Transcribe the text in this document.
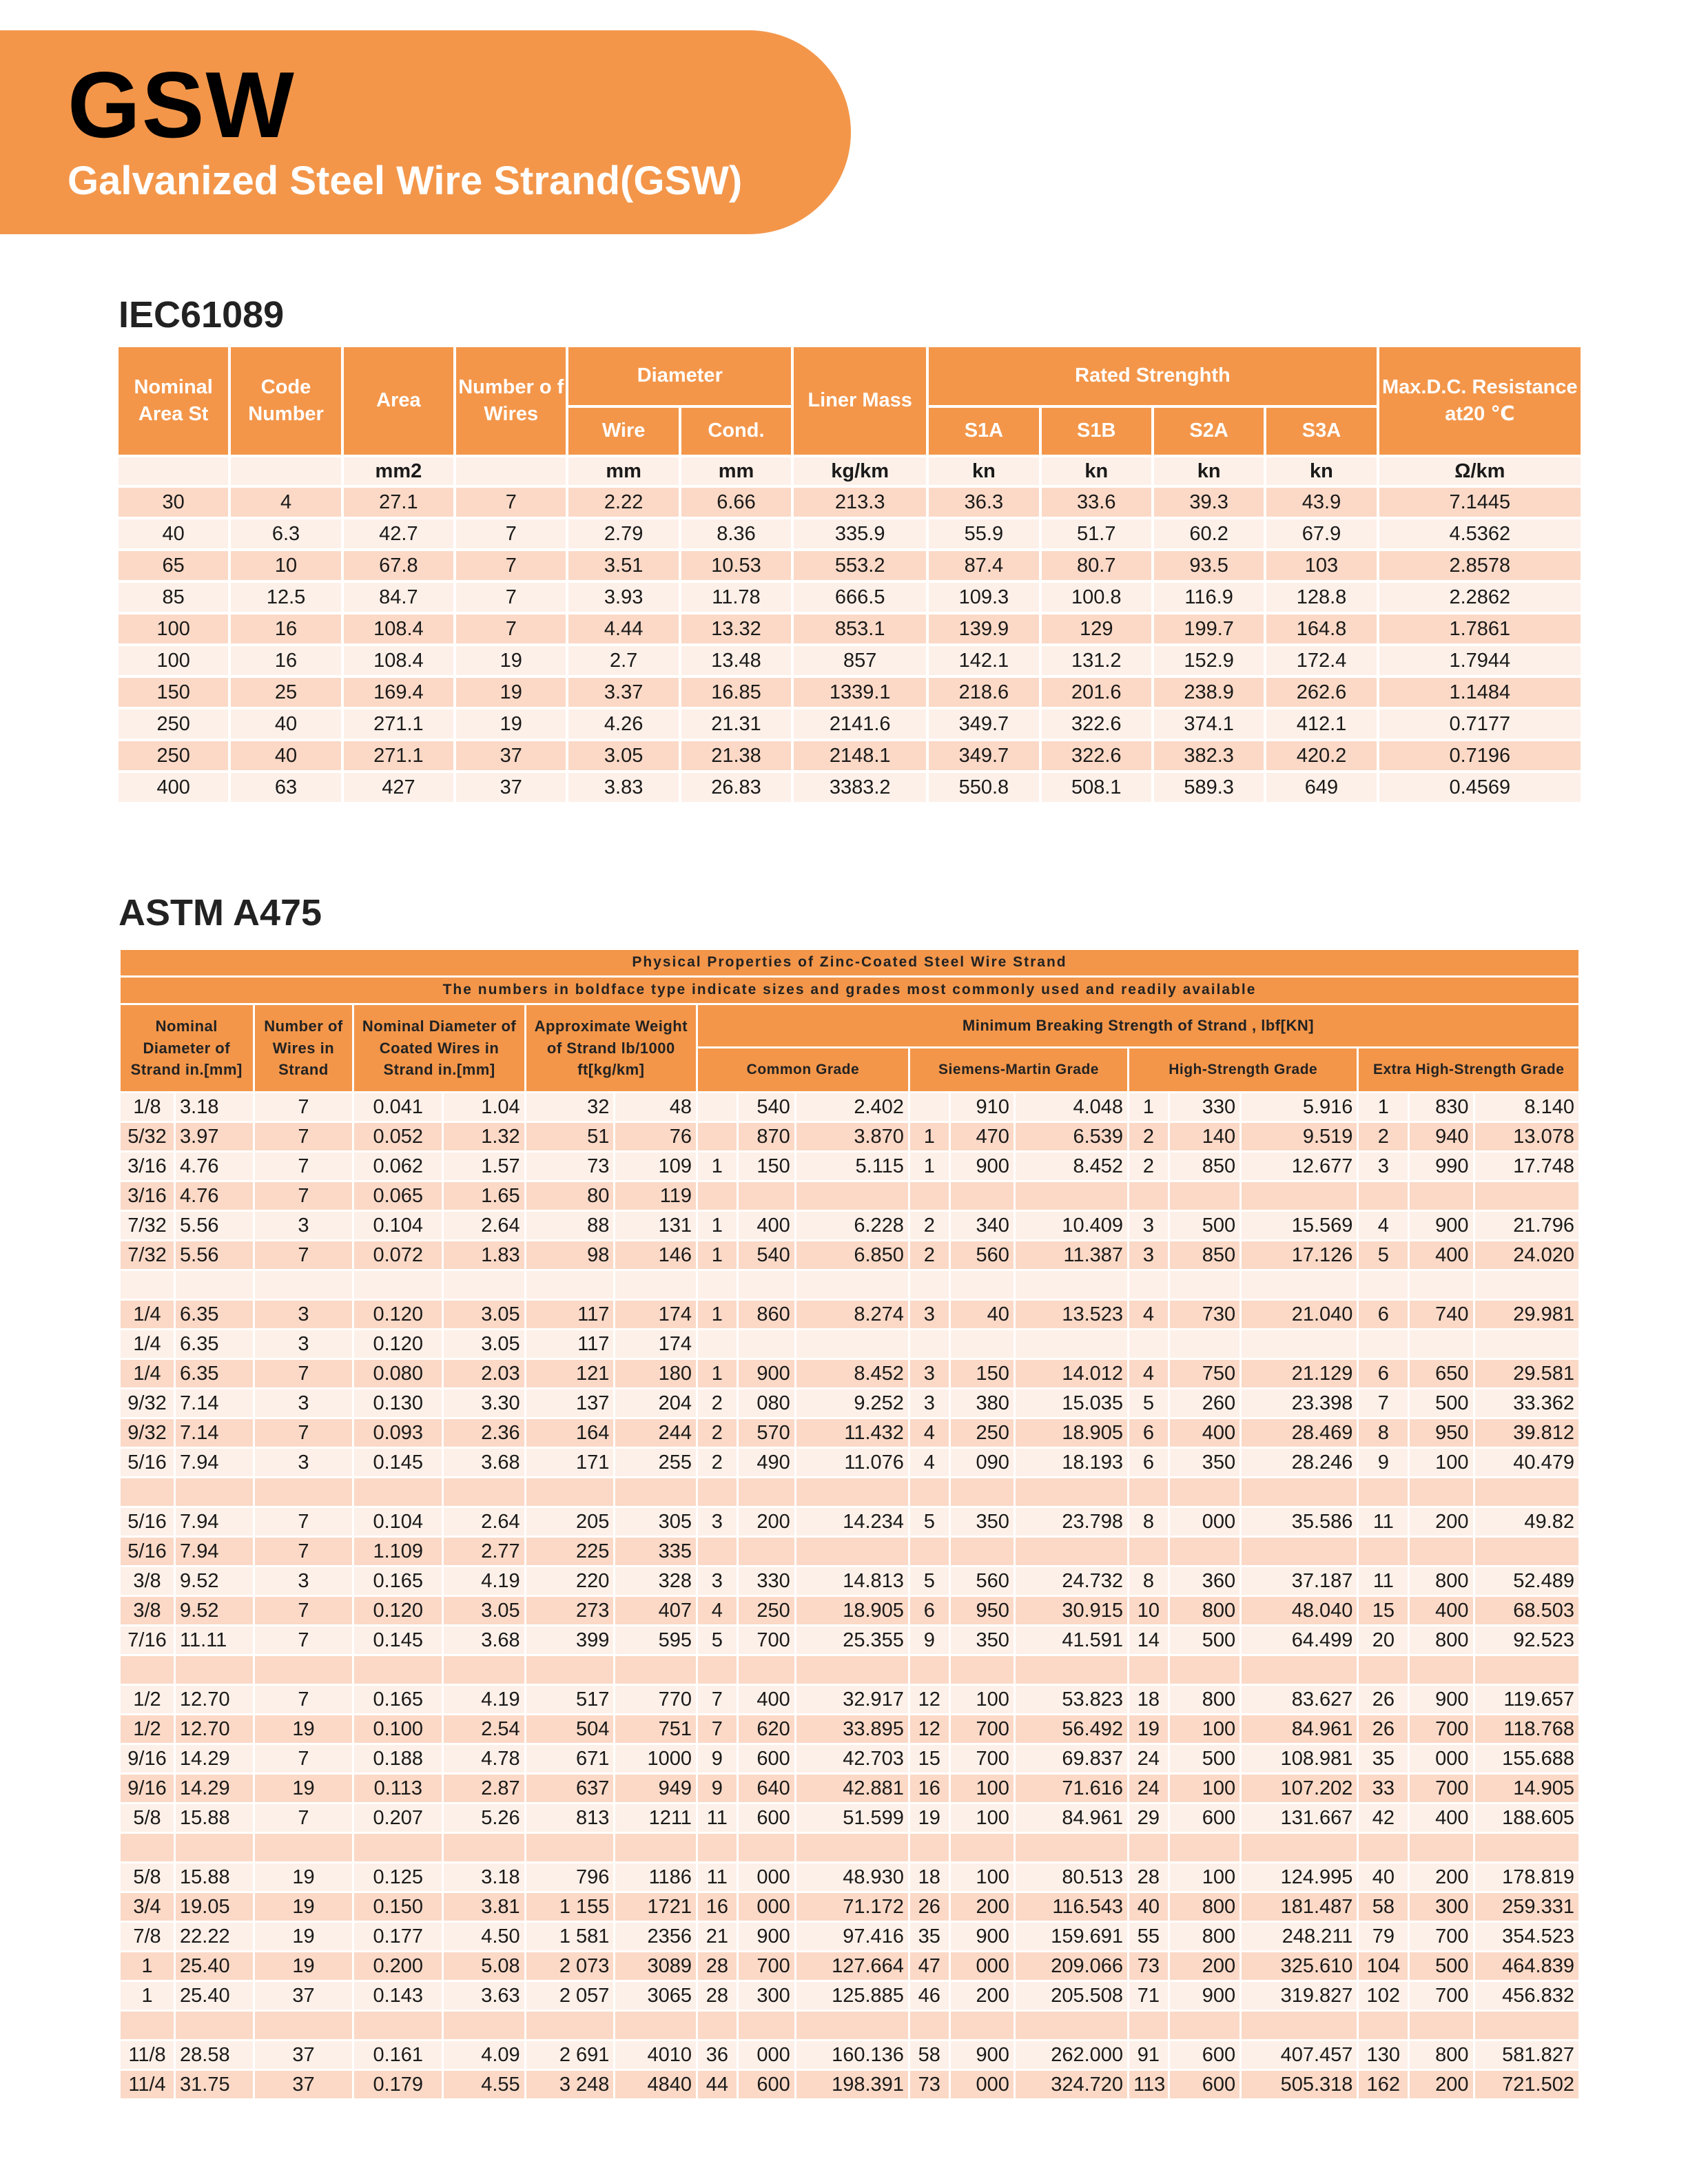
GSW
Galvanized Steel Wire Strand(GSW)
IEC61089
Nominal Area St	Code Number	Area	Number o f Wires	Diameter		Liner Mass	Rated Strenghth				Max.D.C. Resistance at20 ℃
				Wire	Cond.		S1A	S1B	S2A	S3A	
		mm2		mm	mm	kg/km	kn	kn	kn	kn	Ω/km
30	4	27.1	7	2.22	6.66	213.3	36.3	33.6	39.3	43.9	7.1445
40	6.3	42.7	7	2.79	8.36	335.9	55.9	51.7	60.2	67.9	4.5362
65	10	67.8	7	3.51	10.53	553.2	87.4	80.7	93.5	103	2.8578
85	12.5	84.7	7	3.93	11.78	666.5	109.3	100.8	116.9	128.8	2.2862
100	16	108.4	7	4.44	13.32	853.1	139.9	129	199.7	164.8	1.7861
100	16	108.4	19	2.7	13.48	857	142.1	131.2	152.9	172.4	1.7944
150	25	169.4	19	3.37	16.85	1339.1	218.6	201.6	238.9	262.6	1.1484
250	40	271.1	19	4.26	21.31	2141.6	349.7	322.6	374.1	412.1	0.7177
250	40	271.1	37	3.05	21.38	2148.1	349.7	322.6	382.3	420.2	0.7196
400	63	427	37	3.83	26.83	3383.2	550.8	508.1	589.3	649	0.4569
ASTM A475
Physical Properties of Zinc-Coated Steel Wire Strand																		
The numbers in boldface type indicate sizes and grades most commonly used and readily available																		
Nominal Diameter of Strand in.[mm]		Number of Wires in Strand	Nominal Diameter of Coated Wires in Strand in.[mm]		Approximate Weight of Strand lb/1000 ft[kg/km]		Minimum Breaking Strength of Strand , lbf[KN]											
							Common Grade			Siemens-Martin Grade			High-Strength Grade			Extra High-Strength Grade		
1/8	3.18	7	0.041	1.04	32	48		540	2.402		910	4.048	1	330	5.916	1	830	8.140
5/32	3.97	7	0.052	1.32	51	76		870	3.870	1	470	6.539	2	140	9.519	2	940	13.078
3/16	4.76	7	0.062	1.57	73	109	1	150	5.115	1	900	8.452	2	850	12.677	3	990	17.748
3/16	4.76	7	0.065	1.65	80	119												
7/32	5.56	3	0.104	2.64	88	131	1	400	6.228	2	340	10.409	3	500	15.569	4	900	21.796
7/32	5.56	7	0.072	1.83	98	146	1	540	6.850	2	560	11.387	3	850	17.126	5	400	24.020

1/4	6.35	3	0.120	3.05	117	174	1	860	8.274	3	40	13.523	4	730	21.040	6	740	29.981
1/4	6.35	3	0.120	3.05	117	174												
1/4	6.35	7	0.080	2.03	121	180	1	900	8.452	3	150	14.012	4	750	21.129	6	650	29.581
9/32	7.14	3	0.130	3.30	137	204	2	080	9.252	3	380	15.035	5	260	23.398	7	500	33.362
9/32	7.14	7	0.093	2.36	164	244	2	570	11.432	4	250	18.905	6	400	28.469	8	950	39.812
5/16	7.94	3	0.145	3.68	171	255	2	490	11.076	4	090	18.193	6	350	28.246	9	100	40.479

5/16	7.94	7	0.104	2.64	205	305	3	200	14.234	5	350	23.798	8	000	35.586	11	200	49.82
5/16	7.94	7	1.109	2.77	225	335												
3/8	9.52	3	0.165	4.19	220	328	3	330	14.813	5	560	24.732	8	360	37.187	11	800	52.489
3/8	9.52	7	0.120	3.05	273	407	4	250	18.905	6	950	30.915	10	800	48.040	15	400	68.503
7/16	11.11	7	0.145	3.68	399	595	5	700	25.355	9	350	41.591	14	500	64.499	20	800	92.523

1/2	12.70	7	0.165	4.19	517	770	7	400	32.917	12	100	53.823	18	800	83.627	26	900	119.657
1/2	12.70	19	0.100	2.54	504	751	7	620	33.895	12	700	56.492	19	100	84.961	26	700	118.768
9/16	14.29	7	0.188	4.78	671	1000	9	600	42.703	15	700	69.837	24	500	108.981	35	000	155.688
9/16	14.29	19	0.113	2.87	637	949	9	640	42.881	16	100	71.616	24	100	107.202	33	700	14.905
5/8	15.88	7	0.207	5.26	813	1211	11	600	51.599	19	100	84.961	29	600	131.667	42	400	188.605

5/8	15.88	19	0.125	3.18	796	1186	11	000	48.930	18	100	80.513	28	100	124.995	40	200	178.819
3/4	19.05	19	0.150	3.81	1 155	1721	16	000	71.172	26	200	116.543	40	800	181.487	58	300	259.331
7/8	22.22	19	0.177	4.50	1 581	2356	21	900	97.416	35	900	159.691	55	800	248.211	79	700	354.523
1	25.40	19	0.200	5.08	2 073	3089	28	700	127.664	47	000	209.066	73	200	325.610	104	500	464.839
1	25.40	37	0.143	3.63	2 057	3065	28	300	125.885	46	200	205.508	71	900	319.827	102	700	456.832

11/8	28.58	37	0.161	4.09	2 691	4010	36	000	160.136	58	900	262.000	91	600	407.457	130	800	581.827
11/4	31.75	37	0.179	4.55	3 248	4840	44	600	198.391	73	000	324.720	113	600	505.318	162	200	721.502
